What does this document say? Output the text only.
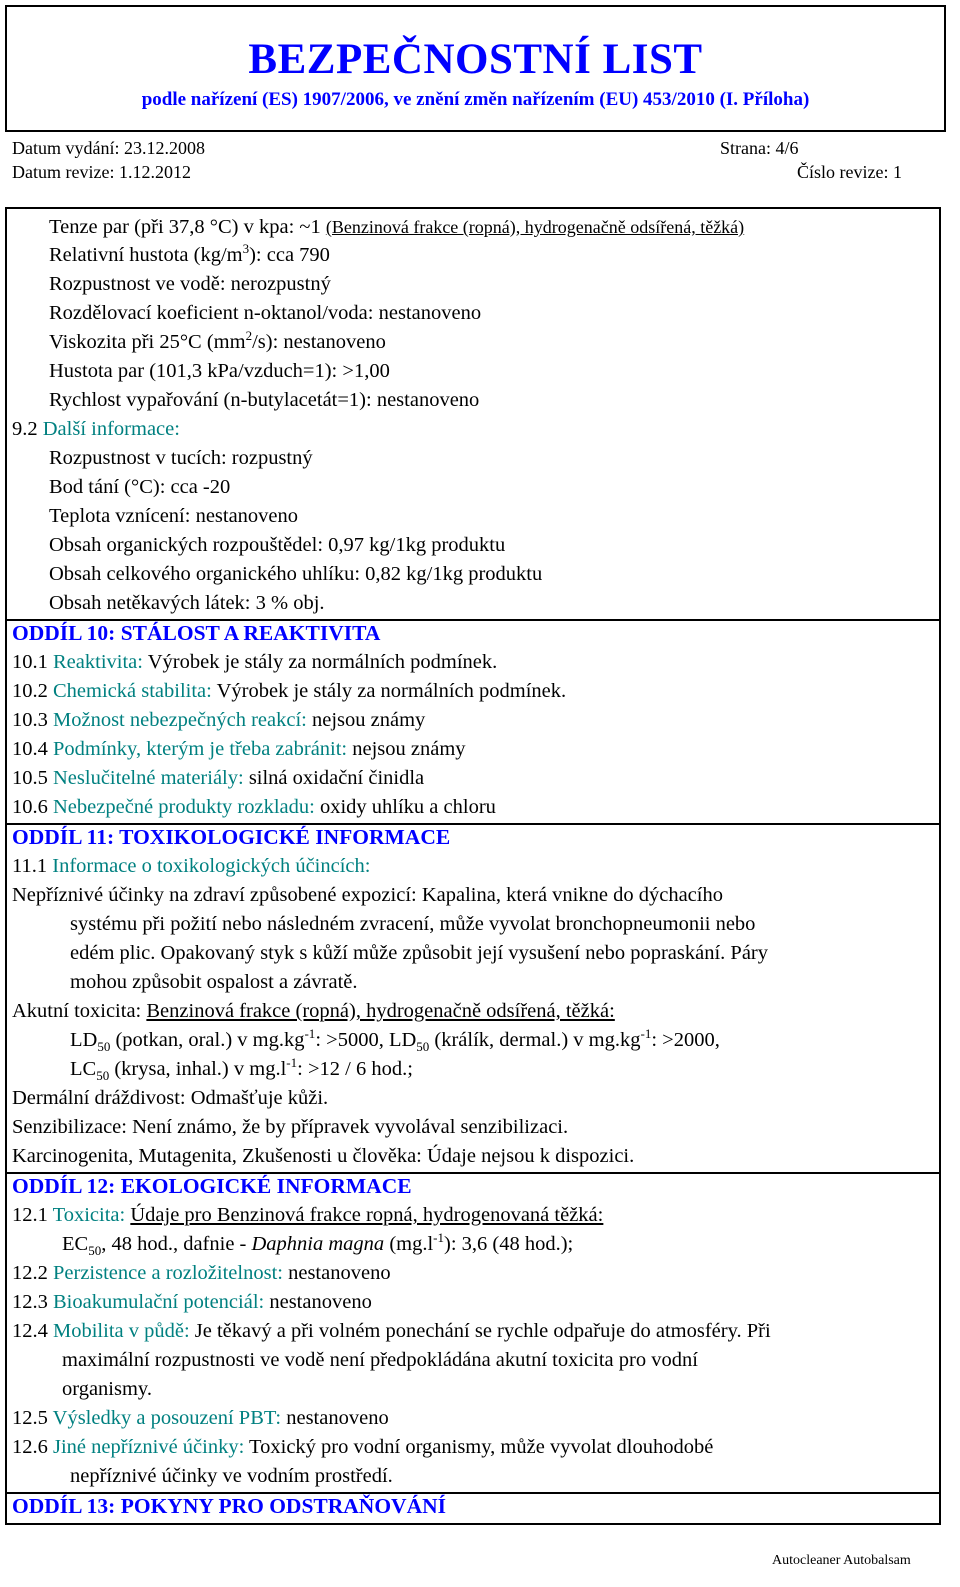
BEZPEČNOSTNÍ LIST
podle nařízení (ES) 1907/2006, ve znění změn nařízením (EU) 453/2010 (I. Příloha)
Datum vydání: 23.12.2008	Strana: 4/6
Datum revize: 1.12.2012	Číslo revize: 1
Tenze par (při 37,8 °C) v kpa: ~1 (Benzinová frakce (ropná), hydrogenačně odsířená, těžká)
Relativní hustota $(kg/m^3)$: cca 790
Rozpustnost ve vodě: nerozpustný
Rozdělovací koeficient n-oktanol/voda: nestanoveno
Viskozita při 25°C $(mm^2/s)$: nestanoveno
Hustota par (101,3 kPa/vzduch=1): >1,00
Rychlost vypařování (n-butylacetát=1): nestanoveno
9.2 Další informace:
Rozpustnost v tucích: rozpustný
Bod tání (°C): cca -20
Teplota vznícení: nestanoveno
Obsah organických rozpouštědel: 0,97 kg/1kg produktu
Obsah celkového organického uhlíku: 0,82 kg/1kg produktu
Obsah netěkavých látek: 3 % obj.
ODDÍL 10: STÁLOST A REAKTIVITA
10.1 Reaktivita: Výrobek je stály za normálních podmínek.
10.2 Chemická stabilita: Výrobek je stály za normálních podmínek.
10.3 Možnost nebezpečných reakcí: nejsou známy
10.4 Podmínky, kterým je třeba zabránit: nejsou známy
10.5 Neslučitelné materiály: silná oxidační činidla
10.6 Nebezpečné produkty rozkladu: oxidy uhlíku a chloru
ODDÍL 11: TOXIKOLOGICKÉ INFORMACE
11.1 Informace o toxikologických účincích:
Nepříznivé účinky na zdraví způsobené expozicí: Kapalina, která vnikne do dýchacího
systému při požití nebo následném zvracení, může vyvolat bronchopneumonii nebo
edém plic. Opakovaný styk s kůží může způsobit její vysušení nebo popraskání. Páry
mohou způsobit ospalost a závratě.
Akutní toxicita: Benzinová frakce (ropná), hydrogenačně odsířená, těžká:
$LD_{50}$ (potkan, oral.) v $mg.kg^{-1}$: >5000, $LD_{50}$ (králík, dermal.) v $mg.kg^{-1}$: >2000,
$LC_{50}$ (krysa, inhal.) v $mg.l^{-1}$: >12 / 6 hod.;
Dermální dráždivost: Odmašťuje kůži.
Senzibilizace: Není známo, že by přípravek vyvolával senzibilizaci.
Karcinogenita, Mutagenita, Zkušenosti u člověka: Údaje nejsou k dispozici.
ODDÍL 12: EKOLOGICKÉ INFORMACE
12.1 Toxicita: Údaje pro Benzinová frakce ropná, hydrogenovaná těžká:
$EC_{50}$, 48 hod., dafnie - Daphnia magna $(mg.l^{-1})$: 3,6 (48 hod.);
12.2 Perzistence a rozložitelnost: nestanoveno
12.3 Bioakumulační potenciál: nestanoveno
12.4 Mobilita v půdě: Je těkavý a při volném ponechání se rychle odpařuje do atmosféry. Při
maximální rozpustnosti ve vodě není předpokládána akutní toxicita pro vodní
organismy.
12.5 Výsledky a posouzení PBT: nestanoveno
12.6 Jiné nepříznivé účinky: Toxický pro vodní organismy, může vyvolat dlouhodobé
nepříznivé účinky ve vodním prostředí.
ODDÍL 13: POKYNY PRO ODSTRAŇOVÁNÍ
Autocleaner Autobalsam
